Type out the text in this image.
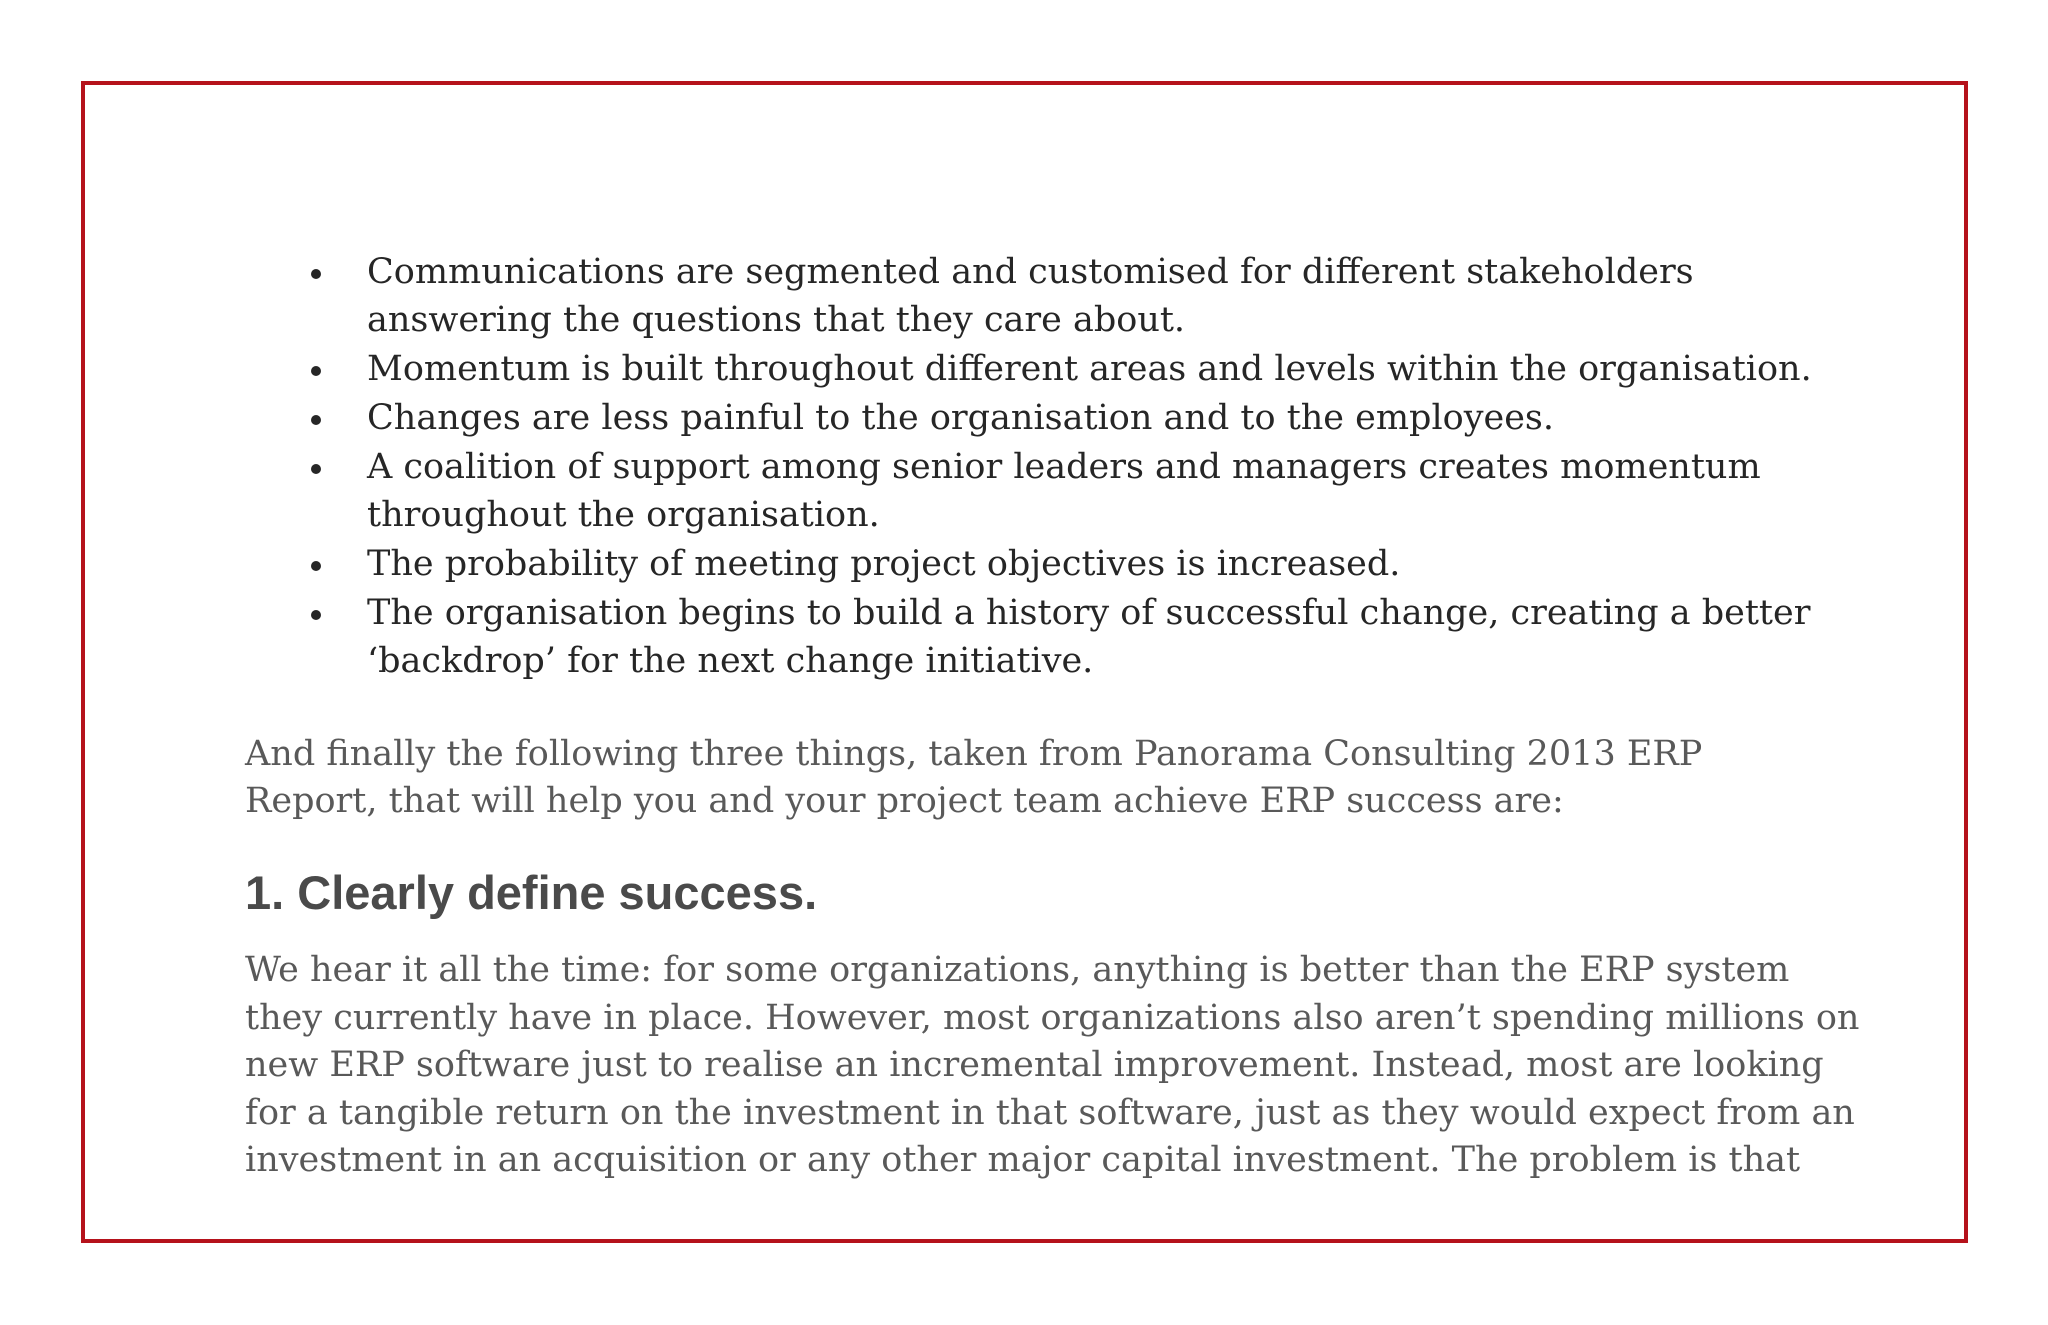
Communications are segmented and customised for different stakeholders answering the questions that they care about.
Momentum is built throughout different areas and levels within the organisation.
Changes are less painful to the organisation and to the employees.
A coalition of support among senior leaders and managers creates momentum throughout the organisation.
The probability of meeting project objectives is increased.
The organisation begins to build a history of successful change, creating a better ‘backdrop’ for the next change initiative.

And finally the following three things, taken from Panorama Consulting 2013 ERP Report, that will help you and your project team achieve ERP success are:

1. Clearly define success.

We hear it all the time: for some organizations, anything is better than the ERP system they currently have in place. However, most organizations also aren’t spending millions on new ERP software just to realise an incremental improvement. Instead, most are looking for a tangible return on the investment in that software, just as they would expect from an investment in an acquisition or any other major capital investment. The problem is that
